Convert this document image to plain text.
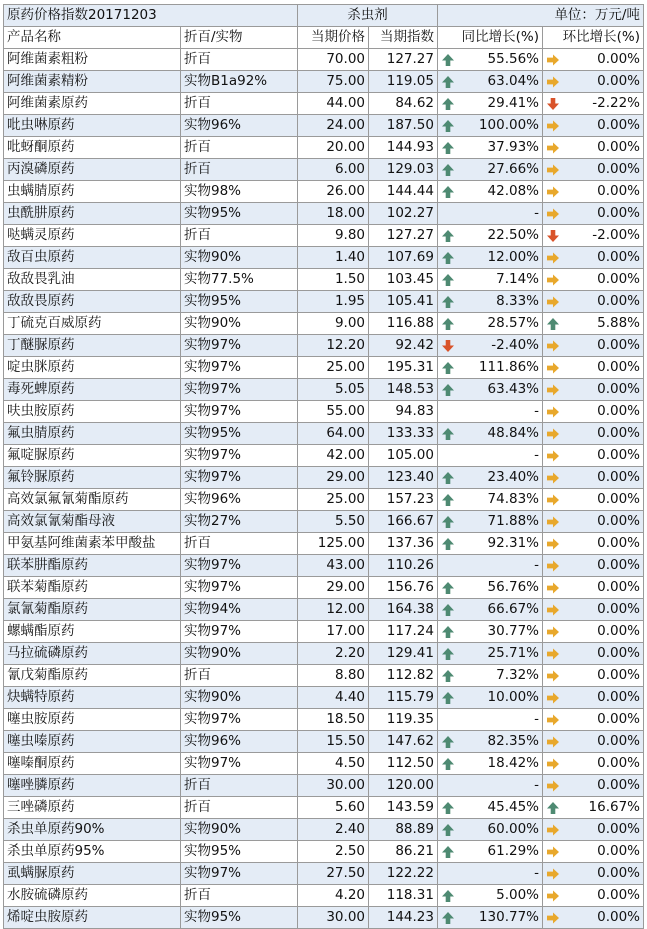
原药价格指数20171203		杀虫剂		单位：万元/吨	
产品名称	折百/实物	当期价格	当期指数	同比增长(%)	环比增长(%)
阿维菌素粗粉	折百	70.00	127.27	55.56%	0.00%

阿维菌素精粉	实物B1a92%	75.00	119.05	63.04%	0.00%

阿维菌素原药	折百	44.00	84.62	29.41%	-2.22%

吡虫啉原药	实物96%	24.00	187.50	100.00%	0.00%

吡蚜酮原药	折百	20.00	144.93	37.93%	0.00%

丙溴磷原药	折百	6.00	129.03	27.66%	0.00%

虫螨腈原药	实物98%	26.00	144.44	42.08%	0.00%

虫酰肼原药	实物95%	18.00	102.27	-	0.00%

哒螨灵原药	折百	9.80	127.27	22.50%	-2.00%

敌百虫原药	实物90%	1.40	107.69	12.00%	0.00%

敌敌畏乳油	实物77.5%	1.50	103.45	7.14%	0.00%

敌敌畏原药	实物95%	1.95	105.41	8.33%	0.00%

丁硫克百威原药	实物90%	9.00	116.88	28.57%	5.88%

丁醚脲原药	实物97%	12.20	92.42	-2.40%	0.00%

啶虫脒原药	实物97%	25.00	195.31	111.86%	0.00%

毒死蜱原药	实物97%	5.05	148.53	63.43%	0.00%

呋虫胺原药	实物97%	55.00	94.83	-	0.00%

氟虫腈原药	实物95%	64.00	133.33	48.84%	0.00%

氟啶脲原药	实物97%	42.00	105.00	-	0.00%

氟铃脲原药	实物97%	29.00	123.40	23.40%	0.00%

高效氯氟氰菊酯原药	实物96%	25.00	157.23	74.83%	0.00%

高效氯氰菊酯母液	实物27%	5.50	166.67	71.88%	0.00%

甲氨基阿维菌素苯甲酸盐	折百	125.00	137.36	92.31%	0.00%

联苯肼酯原药	实物97%	43.00	110.26	-	0.00%

联苯菊酯原药	实物97%	29.00	156.76	56.76%	0.00%

氯氰菊酯原药	实物94%	12.00	164.38	66.67%	0.00%

螺螨酯原药	实物97%	17.00	117.24	30.77%	0.00%

马拉硫磷原药	实物90%	2.20	129.41	25.71%	0.00%

氰戊菊酯原药	折百	8.80	112.82	7.32%	0.00%

炔螨特原药	实物90%	4.40	115.79	10.00%	0.00%

噻虫胺原药	实物97%	18.50	119.35	-	0.00%

噻虫嗪原药	实物96%	15.50	147.62	82.35%	0.00%

噻嗪酮原药	实物97%	4.50	112.50	18.42%	0.00%

噻唑膦原药	折百	30.00	120.00	-	0.00%

三唑磷原药	折百	5.60	143.59	45.45%	16.67%

杀虫单原药90%	实物90%	2.40	88.89	60.00%	0.00%

杀虫单原药95%	实物95%	2.50	86.21	61.29%	0.00%

虱螨脲原药	实物97%	27.50	122.22	-	0.00%

水胺硫磷原药	折百	4.20	118.31	5.00%	0.00%

烯啶虫胺原药	实物95%	30.00	144.23	130.77%	0.00%
